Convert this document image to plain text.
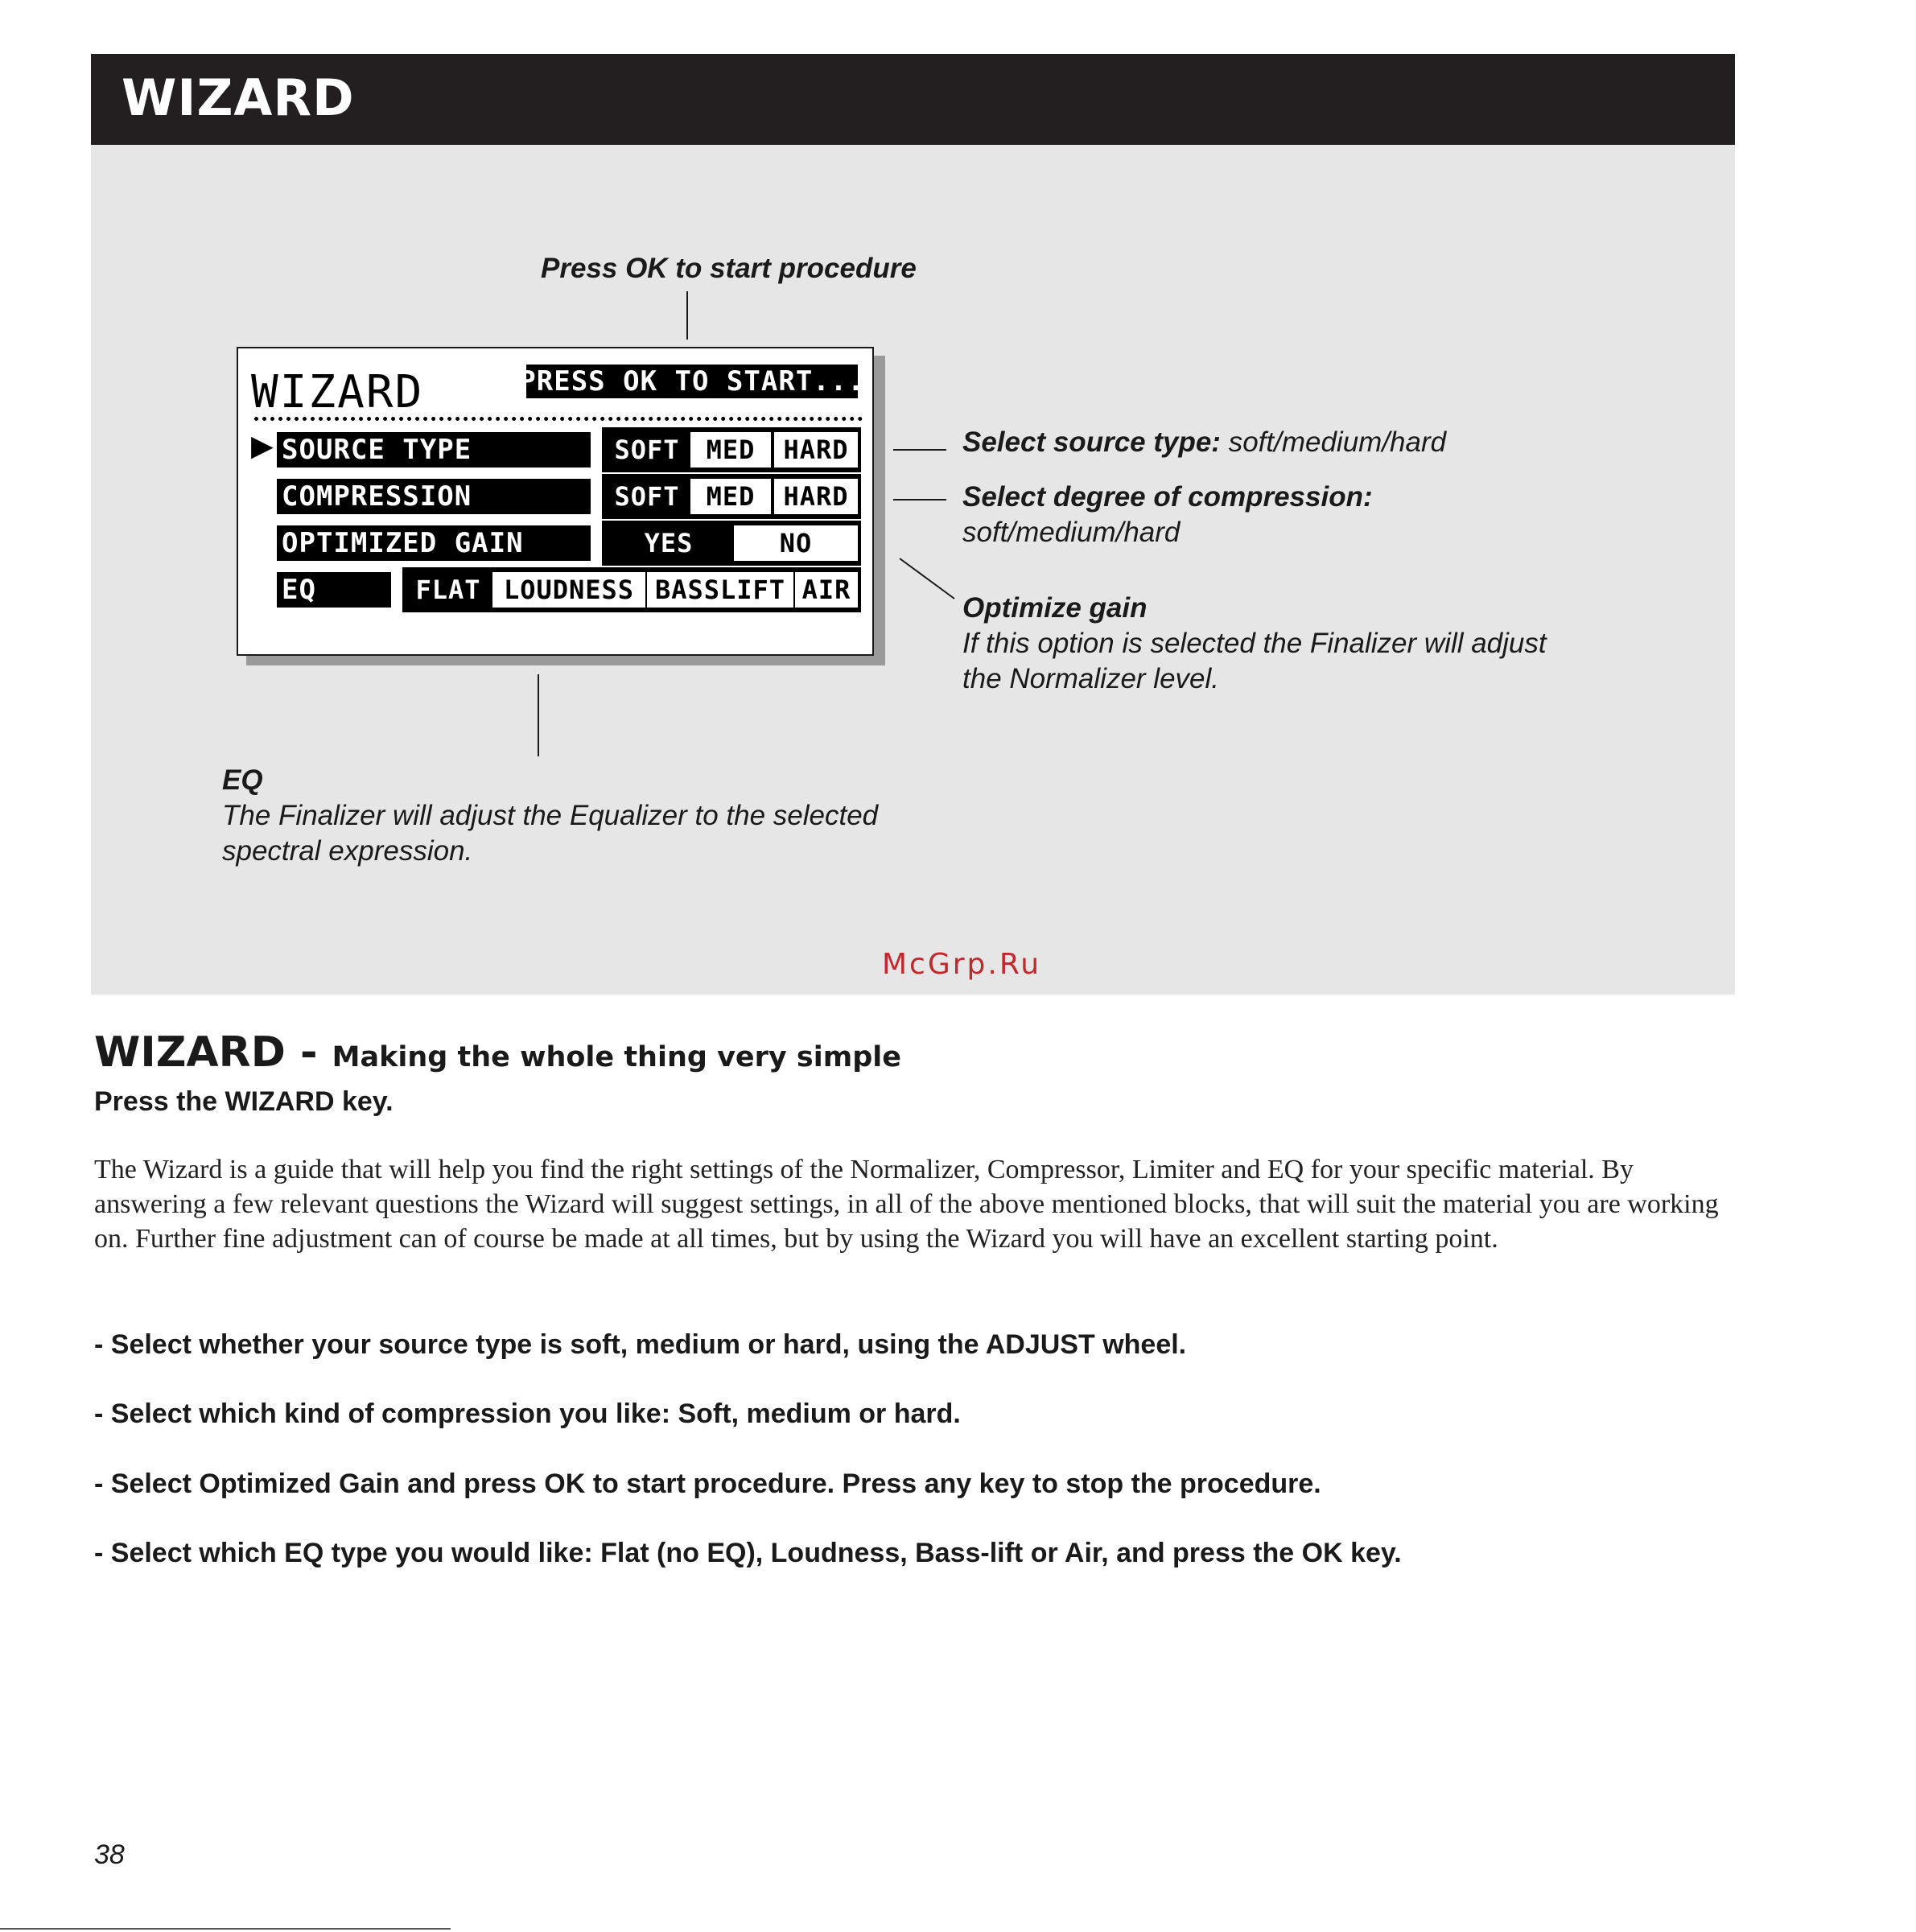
WIZARD
Press OK to start procedure
WIZARD	PRESS OK TO START...
▶ SOURCE TYPE	SOFT	MED	HARD
COMPRESSION	SOFT	MED	HARD
OPTIMIZED GAIN	YES	NO
EQ	FLAT LOUDNESS BASSLIFT AIR
Select source type: soft/medium/hard
Select degree of compression:
soft/medium/hard
Optimize gain
If this option is selected the Finalizer will adjust
the Normalizer level.
EQ
The Finalizer will adjust the Equalizer to the selected
spectral expression.
McGrp.Ru
WIZARD - Making the whole thing very simple
Press the WIZARD key.
The Wizard is a guide that will help you find the right settings of the Normalizer, Compressor, Limiter and EQ for your specific material. By answering a few relevant questions the Wizard will suggest settings, in all of the above mentioned blocks, that will suit the material you are working on. Further fine adjustment can of course be made at all times, but by using the Wizard you will have an excellent starting point.
- Select whether your source type is soft, medium or hard, using the ADJUST wheel.
- Select which kind of compression you like: Soft, medium or hard.
- Select Optimized Gain and press OK to start procedure. Press any key to stop the procedure.
- Select which EQ type you would like: Flat (no EQ), Loudness, Bass-lift or Air, and press the OK key.
38
